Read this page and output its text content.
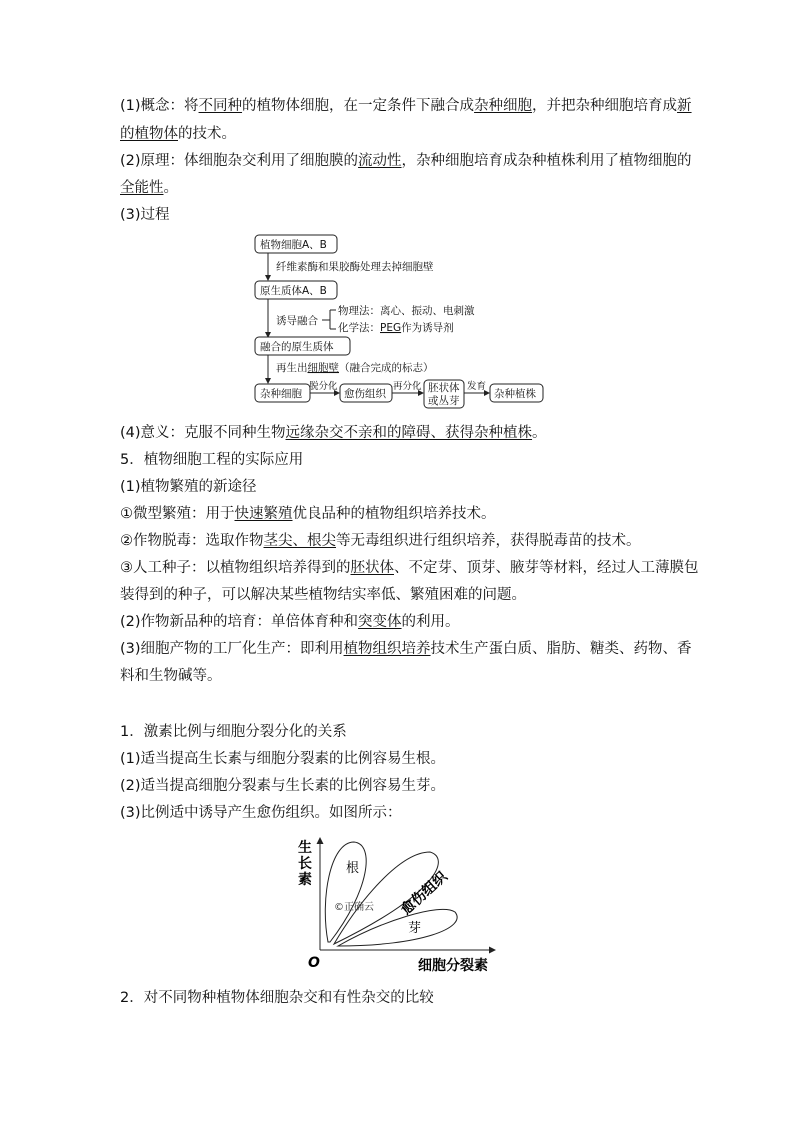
(1)概念：将不同种的植物体细胞，在一定条件下融合成杂种细胞，并把杂种细胞培育成新
的植物体的技术。
(2)原理：体细胞杂交利用了细胞膜的流动性，杂种细胞培育成杂种植株利用了植物细胞的
全能性。
(3)过程
植物细胞A、B
纤维素酶和果胶酶处理去掉细胞壁
原生质体A、B
诱导融合
物理法：离心、振动、电刺激
化学法：PEG作为诱导剂
融合的原生质体
再生出细胞壁（融合完成的标志）
杂种细胞
脱分化
愈伤组织
再分化 胚状体
或丛芽
发育
杂种植株
(4)意义：克服不同种生物远缘杂交不亲和的障碍、获得杂种植株。
5．植物细胞工程的实际应用
(1)植物繁殖的新途径
①微型繁殖：用于快速繁殖优良品种的植物组织培养技术。
②作物脱毒：选取作物茎尖、根尖等无毒组织进行组织培养，获得脱毒苗的技术。
③人工种子：以植物组织培养得到的胚状体、不定芽、顶芽、腋芽等材料，经过人工薄膜包
装得到的种子，可以解决某些植物结实率低、繁殖困难的问题。
(2)作物新品种的培育：单倍体育种和突变体的利用。
(3)细胞产物的工厂化生产：即利用植物组织培养技术生产蛋白质、脂肪、糖类、药物、香
料和生物碱等。
1．激素比例与细胞分裂分化的关系
(1)适当提高生长素与细胞分裂素的比例容易生根。
(2)适当提高细胞分裂素与生长素的比例容易生芽。
(3)比例适中诱导产生愈伤组织。如图所示：
生
长
素
O	细胞分裂素
根
愈伤组织
芽
©正确云
2．对不同物种植物体细胞杂交和有性杂交的比较
